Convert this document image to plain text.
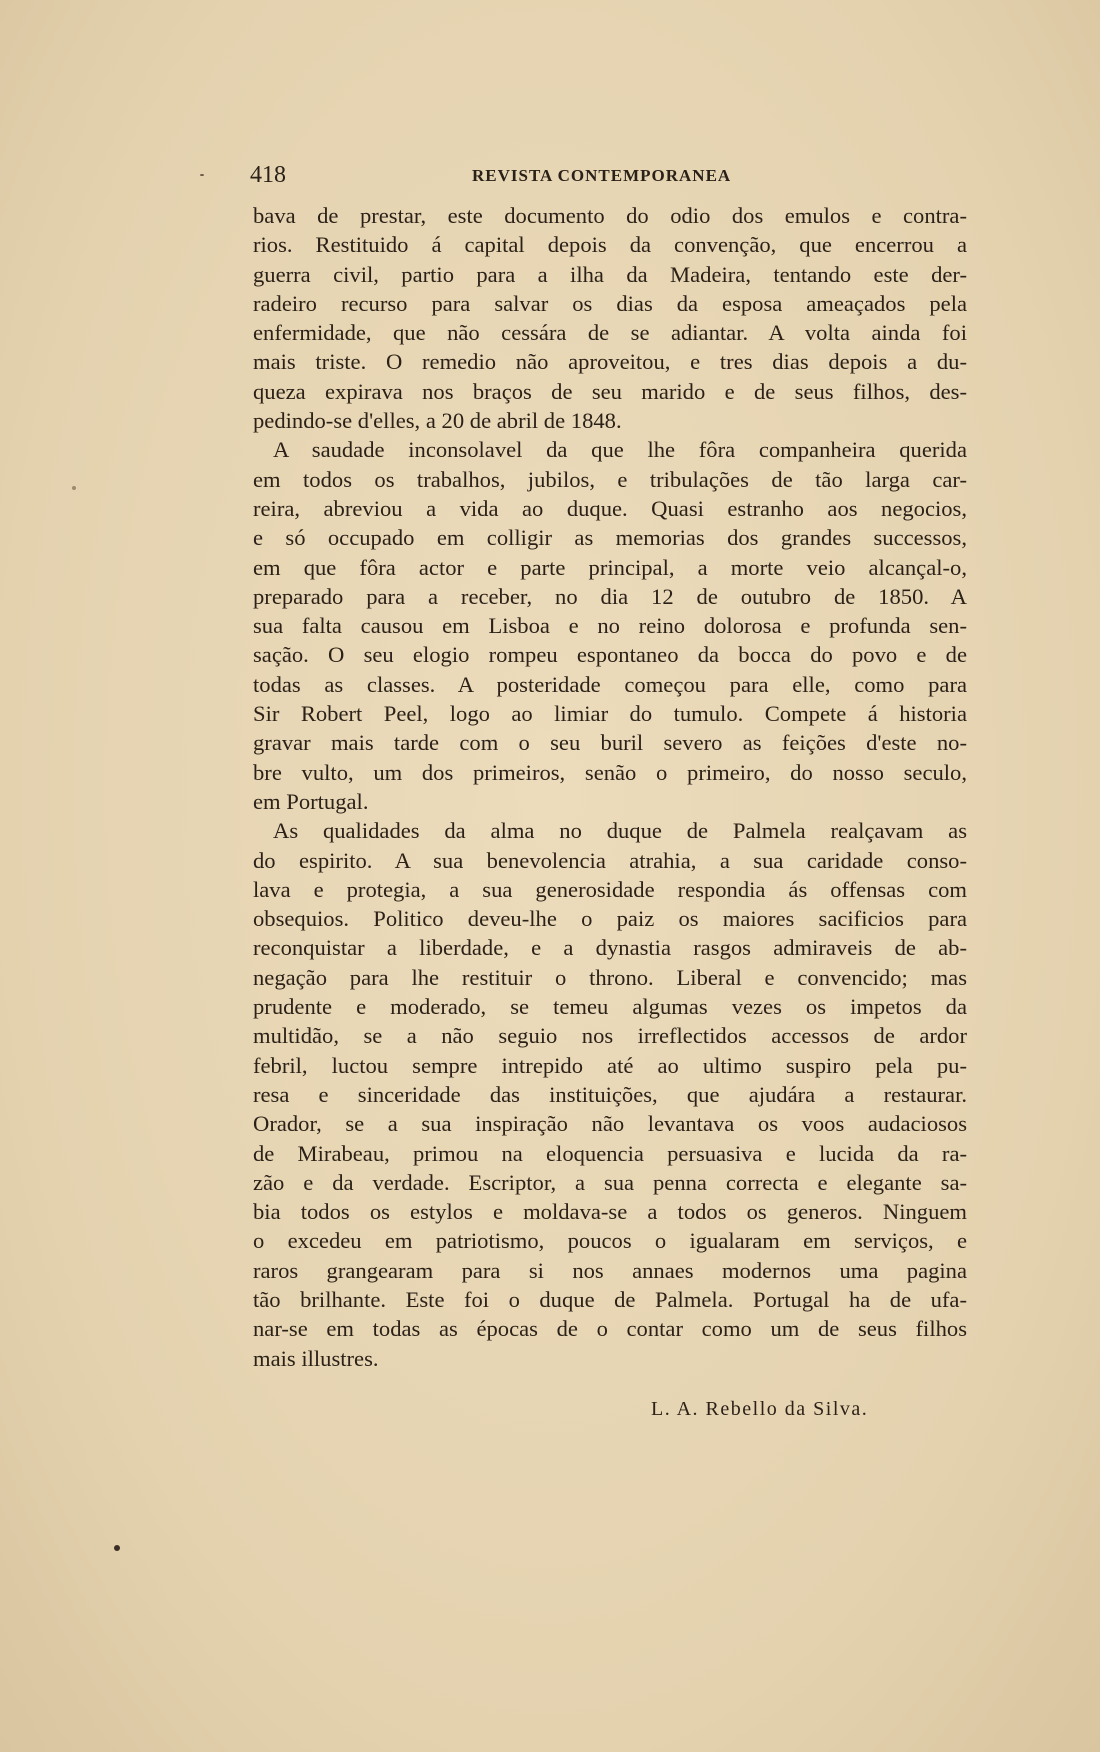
418	REVISTA CONTEMPORANEA
bava de prestar, este documento do odio dos emulos e contra-
rios. Restituido á capital depois da convenção, que encerrou a
guerra civil, partio para a ilha da Madeira, tentando este der-
radeiro recurso para salvar os dias da esposa ameaçados pela
enfermidade, que não cessára de se adiantar. A volta ainda foi
mais triste. O remedio não aproveitou, e tres dias depois a du-
queza expirava nos braços de seu marido e de seus filhos, des-
pedindo-se d'elles, a 20 de abril de 1848.
A saudade inconsolavel da que lhe fôra companheira querida
em todos os trabalhos, jubilos, e tribulações de tão larga car-
reira, abreviou a vida ao duque. Quasi estranho aos negocios,
e só occupado em colligir as memorias dos grandes successos,
em que fôra actor e parte principal, a morte veio alcançal-o,
preparado para a receber, no dia 12 de outubro de 1850. A
sua falta causou em Lisboa e no reino dolorosa e profunda sen-
sação. O seu elogio rompeu espontaneo da bocca do povo e de
todas as classes. A posteridade começou para elle, como para
Sir Robert Peel, logo ao limiar do tumulo. Compete á historia
gravar mais tarde com o seu buril severo as feições d'este no-
bre vulto, um dos primeiros, senão o primeiro, do nosso seculo,
em Portugal.
As qualidades da alma no duque de Palmela realçavam as
do espirito. A sua benevolencia atrahia, a sua caridade conso-
lava e protegia, a sua generosidade respondia ás offensas com
obsequios. Politico deveu-lhe o paiz os maiores sacificios para
reconquistar a liberdade, e a dynastia rasgos admiraveis de ab-
negação para lhe restituir o throno. Liberal e convencido; mas
prudente e moderado, se temeu algumas vezes os impetos da
multidão, se a não seguio nos irreflectidos accessos de ardor
febril, luctou sempre intrepido até ao ultimo suspiro pela pu-
resa e sinceridade das instituições, que ajudára a restaurar.
Orador, se a sua inspiração não levantava os voos audaciosos
de Mirabeau, primou na eloquencia persuasiva e lucida da ra-
zão e da verdade. Escriptor, a sua penna correcta e elegante sa-
bia todos os estylos e moldava-se a todos os generos. Ninguem
o excedeu em patriotismo, poucos o igualaram em serviços, e
raros grangearam para si nos annaes modernos uma pagina
tão brilhante. Este foi o duque de Palmela. Portugal ha de ufa-
nar-se em todas as épocas de o contar como um de seus filhos
mais illustres.
L. A. Rebello da Silva.
